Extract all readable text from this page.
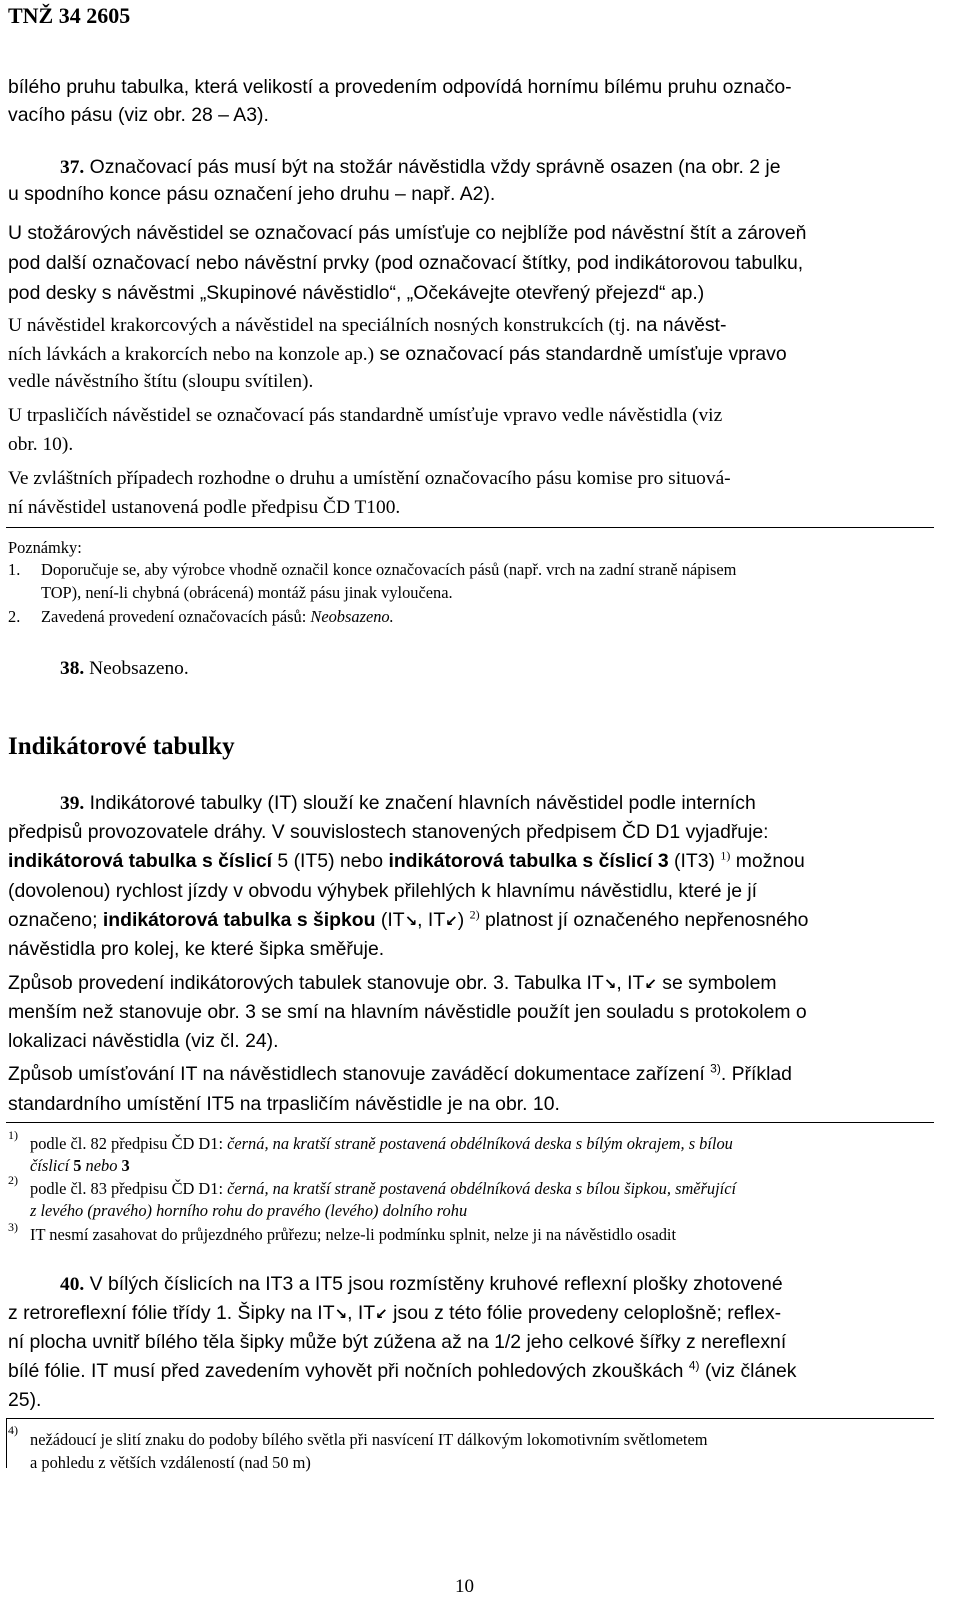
TNŽ 34 2605
bílého pruhu tabulka, která velikostí a provedením odpovídá hornímu bílému pruhu označo-
vacího pásu (viz obr. 28 – A3).
37. Označovací pás musí být na stožár návěstidla vždy správně osazen (na obr. 2 je
u spodního konce pásu označení jeho druhu – např. A2).
U stožárových návěstidel se označovací pás umísťuje co nejblíže pod návěstní štít a zároveň
pod další označovací nebo návěstní prvky (pod označovací štítky, pod indikátorovou tabulku,
pod desky s návěstmi „Skupinové návěstidlo“, „Očekávejte otevřený přejezd“ ap.)
U návěstidel krakorcových a návěstidel na speciálních nosných konstrukcích (tj. na návěst-
ních lávkách a krakorcích nebo na konzole ap.) se označovací pás standardně umísťuje vpravo
vedle návěstního štítu (sloupu svítilen).
U trpasličích návěstidel se označovací pás standardně umísťuje vpravo vedle návěstidla (viz
obr. 10).
Ve zvláštních případech rozhodne o druhu a umístění označovacího pásu komise pro situová-
ní návěstidel ustanovená podle předpisu ČD T100.
Poznámky:
1. Doporučuje se, aby výrobce vhodně označil konce označovacích pásů (např. vrch na zadní straně nápisem
TOP), není-li chybná (obrácená) montáž pásu jinak vyloučena.
2. Zavedená provedení označovacích pásů: Neobsazeno.
38. Neobsazeno.
Indikátorové tabulky
39. Indikátorové tabulky (IT) slouží ke značení hlavních návěstidel podle interních
předpisů provozovatele dráhy. V souvislostech stanovených předpisem ČD D1 vyjadřuje:
indikátorová tabulka s číslicí 5 (IT5) nebo indikátorová tabulka s číslicí 3 (IT3) $^{1)}$ možnou
(dovolenou) rychlost jízdy v obvodu výhybek přilehlých k hlavnímu návěstidlu, které je jí
označeno; indikátorová tabulka s šipkou (IT↘, IT↙) $^{2)}$ platnost jí označeného nepřenosného
návěstidla pro kolej, ke které šipka směřuje.
Způsob provedení indikátorových tabulek stanovuje obr. 3. Tabulka IT↘, IT↙ se symbolem
menším než stanovuje obr. 3 se smí na hlavním návěstidle použít jen souladu s protokolem o
lokalizaci návěstidla (viz čl. 24).
Způsob umísťování IT na návěstidlech stanovuje zaváděcí dokumentace zařízení $^{3)}$. Příklad
standardního umístění IT5 na trpasličím návěstidle je na obr. 10.
1) podle čl. 82 předpisu ČD D1: černá, na kratší straně postavená obdélníková deska s bílým okrajem, s bílou
číslicí 5 nebo 3
2) podle čl. 83 předpisu ČD D1: černá, na kratší straně postavená obdélníková deska s bílou šipkou, směřující
z levého (pravého) horního rohu do pravého (levého) dolního rohu
3) IT nesmí zasahovat do průjezdného průřezu; nelze-li podmínku splnit, nelze ji na návěstidlo osadit
40. V bílých číslicích na IT3 a IT5 jsou rozmístěny kruhové reflexní plošky zhotovené
z retroreflexní fólie třídy 1. Šipky na IT↘, IT↙ jsou z této fólie provedeny celoplošně; reflex-
ní plocha uvnitř bílého těla šipky může být zúžena až na 1/2 jeho celkové šířky z nereflexní
bílé fólie. IT musí před zavedením vyhovět při nočních pohledových zkouškách $^{4)}$ (viz článek
25).
4) nežádoucí je slití znaku do podoby bílého světla při nasvícení IT dálkovým lokomotivním světlometem
a pohledu z větších vzdáleností (nad 50 m)
10
